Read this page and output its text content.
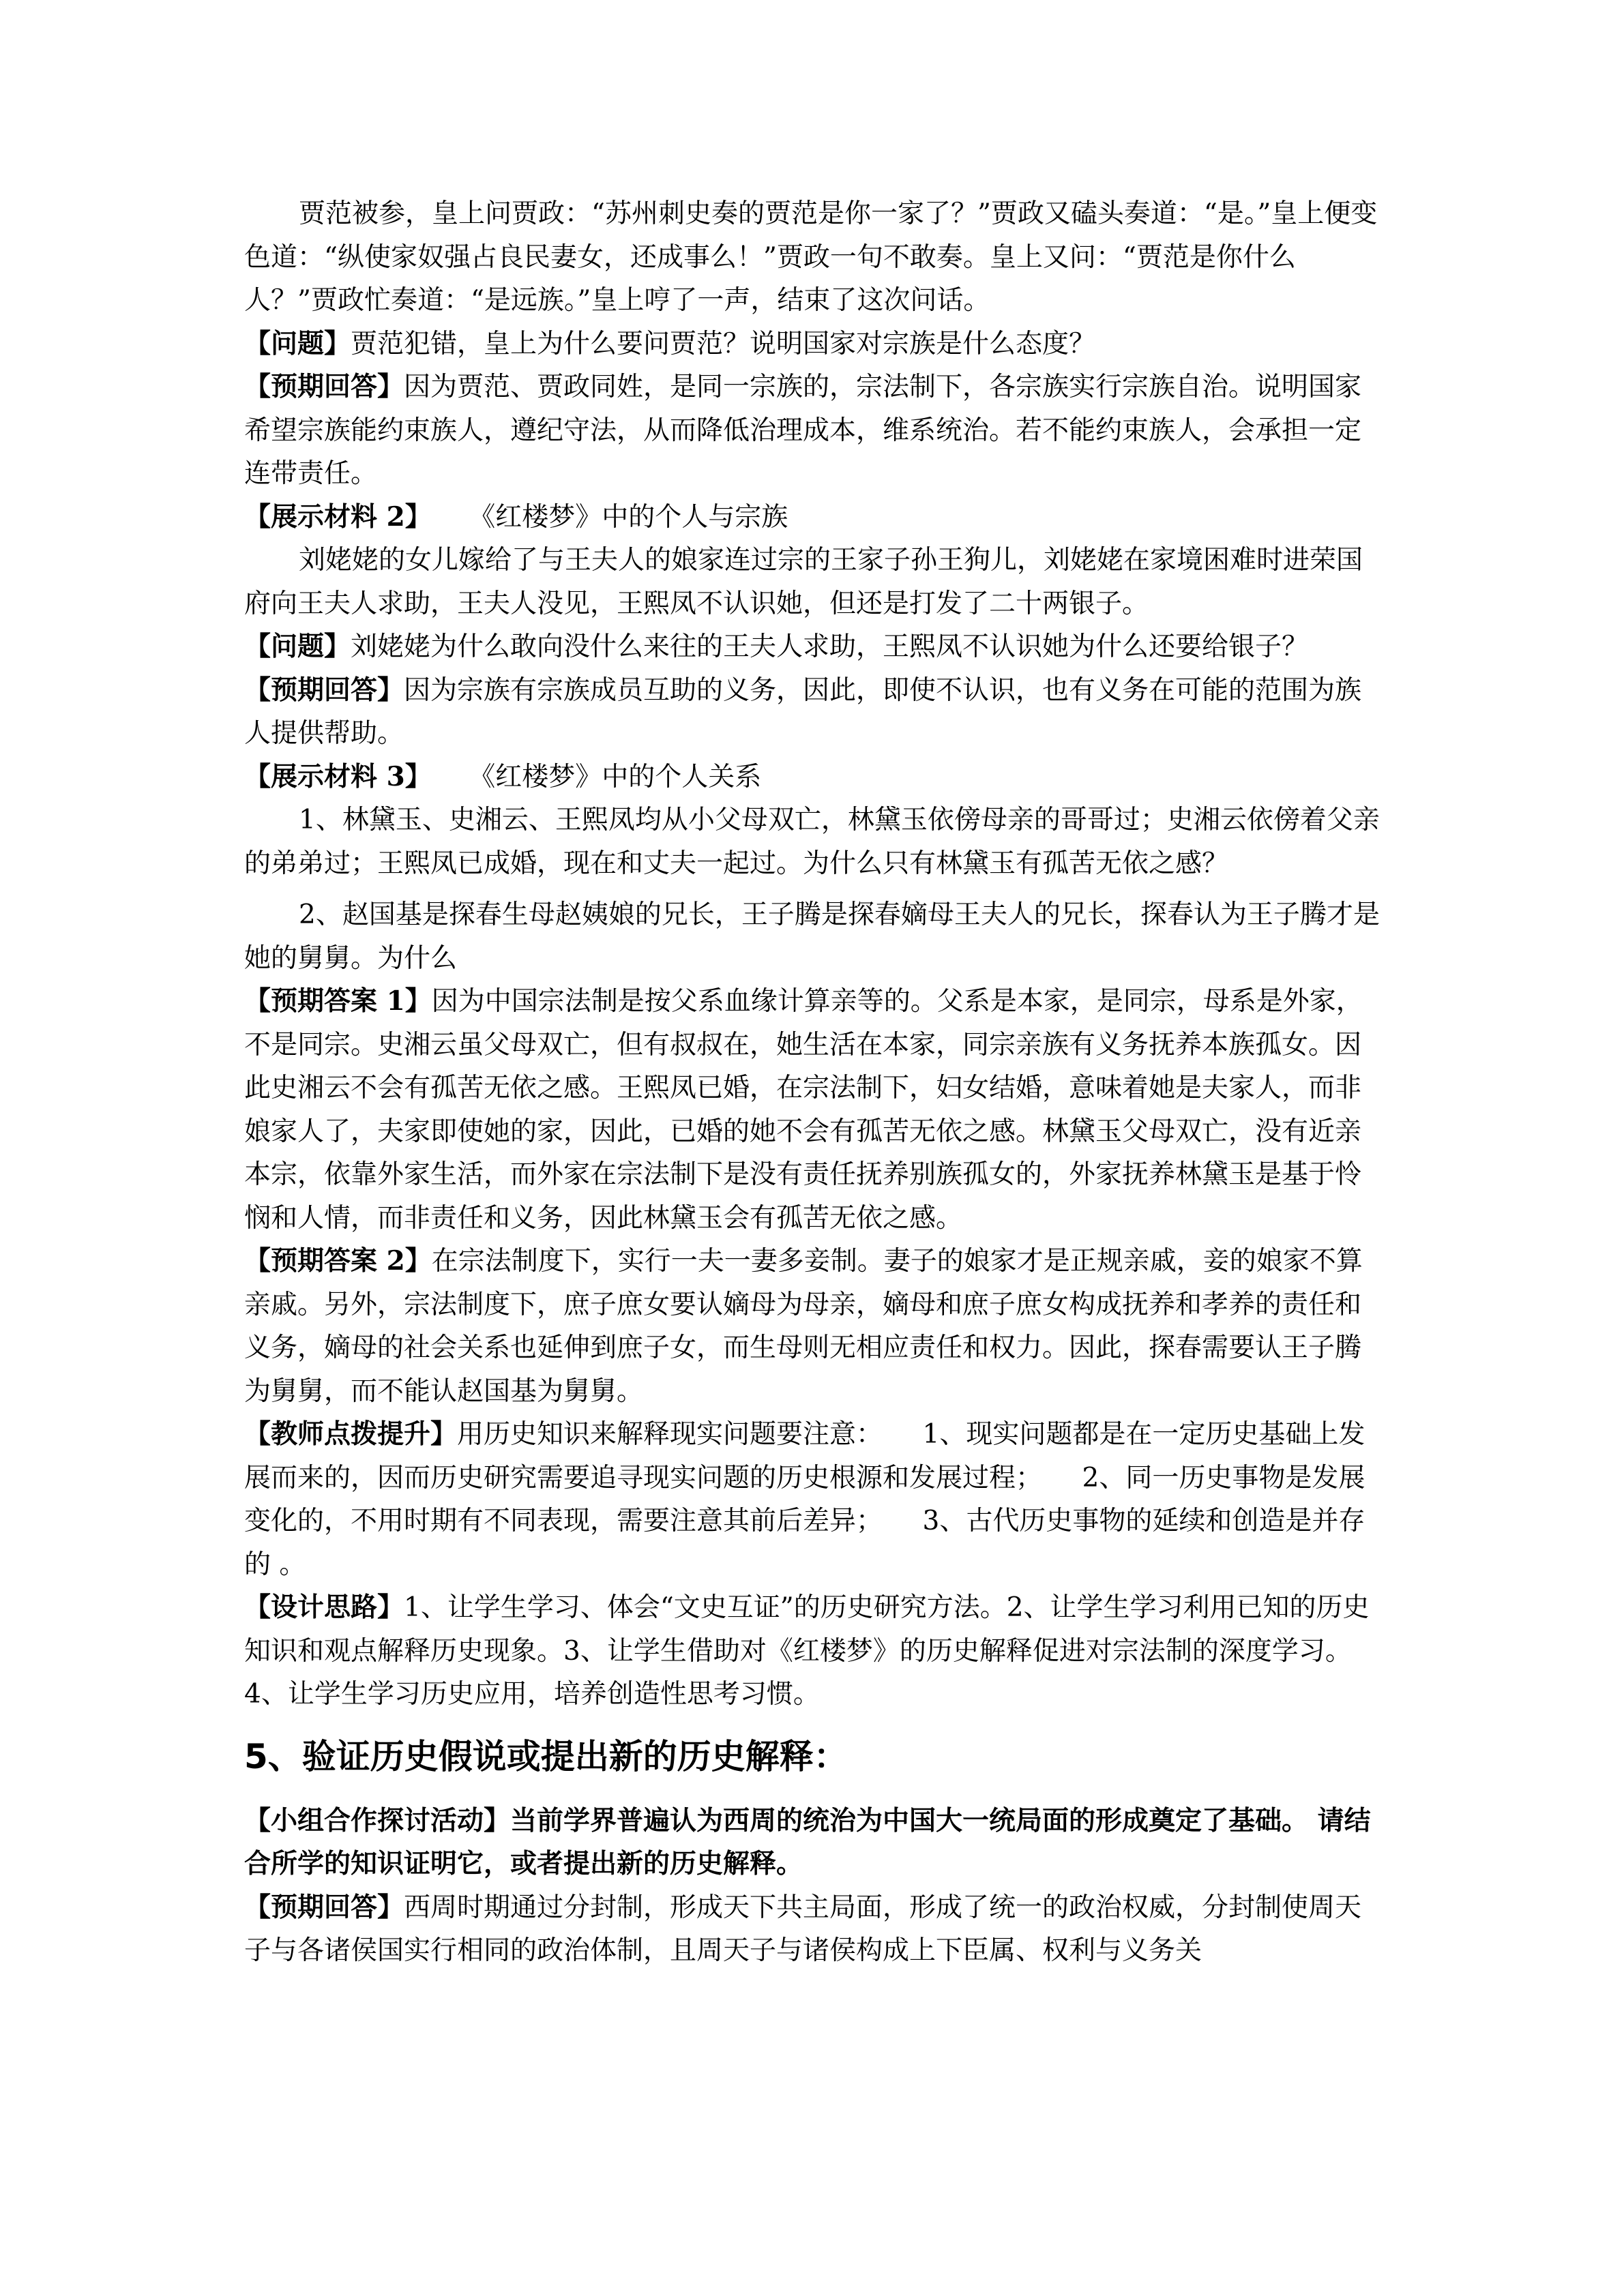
贾范被参，皇上问贾政：“苏州刺史奏的贾范是你一家了？”贾政又磕头奏道：“是。”皇上便变色道：“纵使家奴强占良民妻女，还成事么！”贾政一句不敢奏。皇上又问：“贾范是你什么人？”贾政忙奏道：“是远族。”皇上哼了一声，结束了这次问话。

【问题】贾范犯错，皇上为什么要问贾范？说明国家对宗族是什么态度？

【预期回答】因为贾范、贾政同姓，是同一宗族的，宗法制下，各宗族实行宗族自治。说明国家希望宗族能约束族人，遵纪守法，从而降低治理成本，维系统治。若不能约束族人，会承担一定连带责任。

【展示材料 2】 《红楼梦》中的个人与宗族

刘姥姥的女儿嫁给了与王夫人的娘家连过宗的王家子孙王狗儿，刘姥姥在家境困难时进荣国府向王夫人求助，王夫人没见，王熙凤不认识她，但还是打发了二十两银子。

【问题】刘姥姥为什么敢向没什么来往的王夫人求助，王熙凤不认识她为什么还要给银子？

【预期回答】因为宗族有宗族成员互助的义务，因此，即使不认识，也有义务在可能的范围为族人提供帮助。

【展示材料 3】 《红楼梦》中的个人关系

1、林黛玉、史湘云、王熙凤均从小父母双亡，林黛玉依傍母亲的哥哥过；史湘云依傍着父亲的弟弟过；王熙凤已成婚，现在和丈夫一起过。为什么只有林黛玉有孤苦无依之感？

2、赵国基是探春生母赵姨娘的兄长，王子腾是探春嫡母王夫人的兄长，探春认为王子腾才是她的舅舅。为什么

【预期答案 1】因为中国宗法制是按父系血缘计算亲等的。父系是本家，是同宗，母系是外家，不是同宗。史湘云虽父母双亡，但有叔叔在，她生活在本家，同宗亲族有义务抚养本族孤女。因此史湘云不会有孤苦无依之感。王熙凤已婚，在宗法制下，妇女结婚，意味着她是夫家人，而非娘家人了，夫家即使她的家，因此，已婚的她不会有孤苦无依之感。林黛玉父母双亡，没有近亲本宗，依靠外家生活，而外家在宗法制下是没有责任抚养别族孤女的，外家抚养林黛玉是基于怜悯和人情，而非责任和义务，因此林黛玉会有孤苦无依之感。

【预期答案 2】在宗法制度下，实行一夫一妻多妾制。妻子的娘家才是正规亲戚，妾的娘家不算亲戚。另外，宗法制度下，庶子庶女要认嫡母为母亲，嫡母和庶子庶女构成抚养和孝养的责任和义务，嫡母的社会关系也延伸到庶子女，而生母则无相应责任和权力。因此，探春需要认王子腾为舅舅，而不能认赵国基为舅舅。

【教师点拨提升】用历史知识来解释现实问题要注意：　　1、现实问题都是在一定历史基础上发展而来的，因而历史研究需要追寻现实问题的历史根源和发展过程；　　2、同一历史事物是发展变化的，不用时期有不同表现，需要注意其前后差异；　　3、古代历史事物的延续和创造是并存的 。

【设计思路】1、让学生学习、体会“文史互证”的历史研究方法。2、让学生学习利用已知的历史知识和观点解释历史现象。3、让学生借助对《红楼梦》的历史解释促进对宗法制的深度学习。4、让学生学习历史应用，培养创造性思考习惯。

5、验证历史假说或提出新的历史解释：

【小组合作探讨活动】当前学界普遍认为西周的统治为中国大一统局面的形成奠定了基础。 请结合所学的知识证明它，或者提出新的历史解释。

【预期回答】西周时期通过分封制，形成天下共主局面，形成了统一的政治权威，分封制使周天子与各诸侯国实行相同的政治体制，且周天子与诸侯构成上下臣属、权利与义务关
